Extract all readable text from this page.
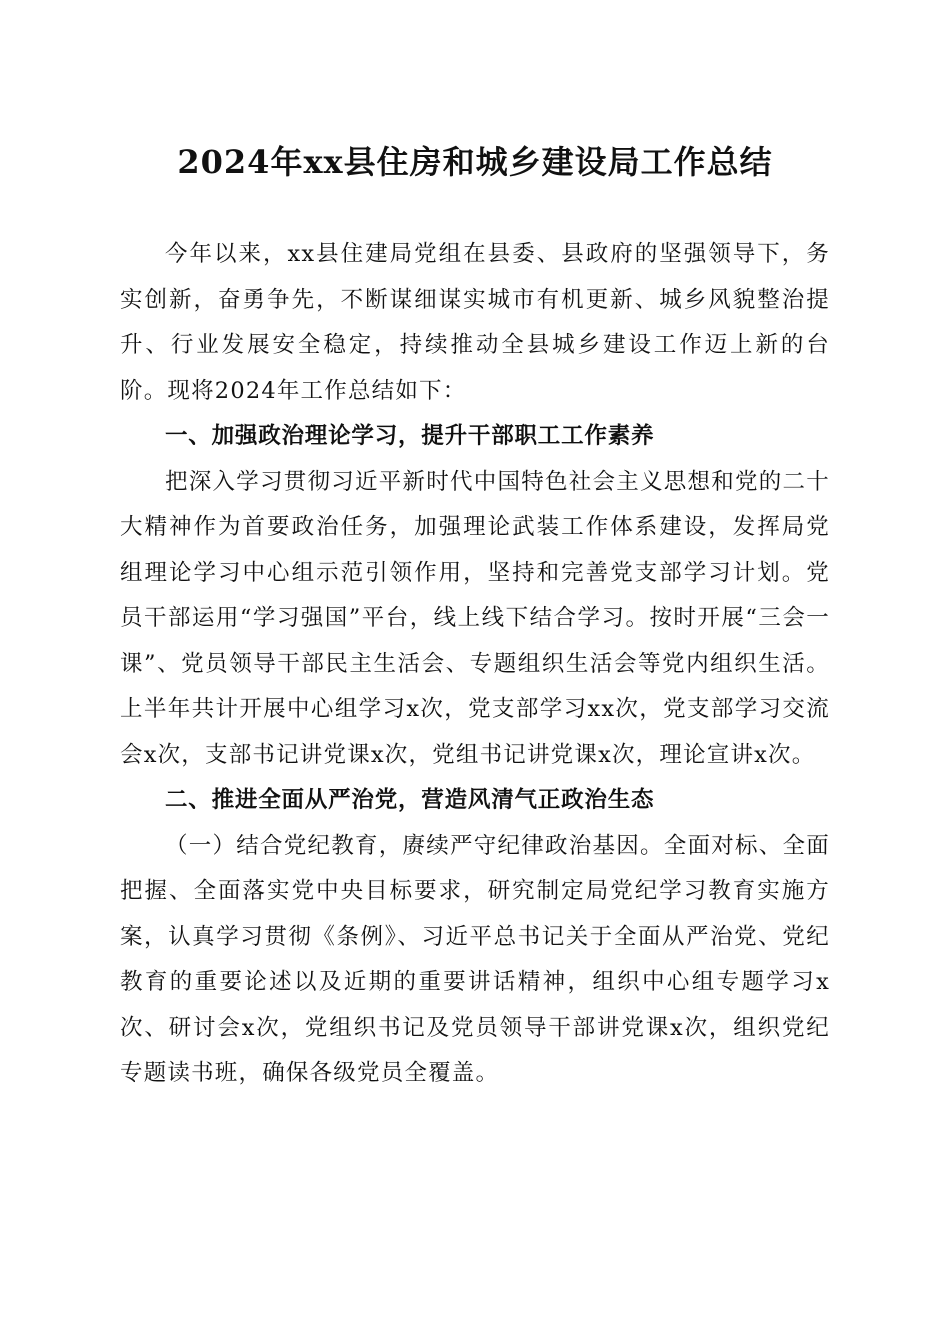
2024年xx县住房和城乡建设局工作总结

今年以来，xx县住建局党组在县委、县政府的坚强领导下，务实创新，奋勇争先，不断谋细谋实城市有机更新、城乡风貌整治提升、行业发展安全稳定，持续推动全县城乡建设工作迈上新的台阶。现将2024年工作总结如下：

一、加强政治理论学习，提升干部职工工作素养

把深入学习贯彻习近平新时代中国特色社会主义思想和党的二十大精神作为首要政治任务，加强理论武装工作体系建设，发挥局党组理论学习中心组示范引领作用，坚持和完善党支部学习计划。党员干部运用“学习强国”平台，线上线下结合学习。按时开展“三会一课”、党员领导干部民主生活会、专题组织生活会等党内组织生活。上半年共计开展中心组学习x次，党支部学习xx次，党支部学习交流会x次，支部书记讲党课x次，党组书记讲党课x次，理论宣讲x次。

二、推进全面从严治党，营造风清气正政治生态

（一）结合党纪教育，赓续严守纪律政治基因。全面对标、全面把握、全面落实党中央目标要求，研究制定局党纪学习教育实施方案，认真学习贯彻《条例》、习近平总书记关于全面从严治党、党纪教育的重要论述以及近期的重要讲话精神，组织中心组专题学习x次、研讨会x次，党组织书记及党员领导干部讲党课x次，组织党纪专题读书班，确保各级党员全覆盖。
